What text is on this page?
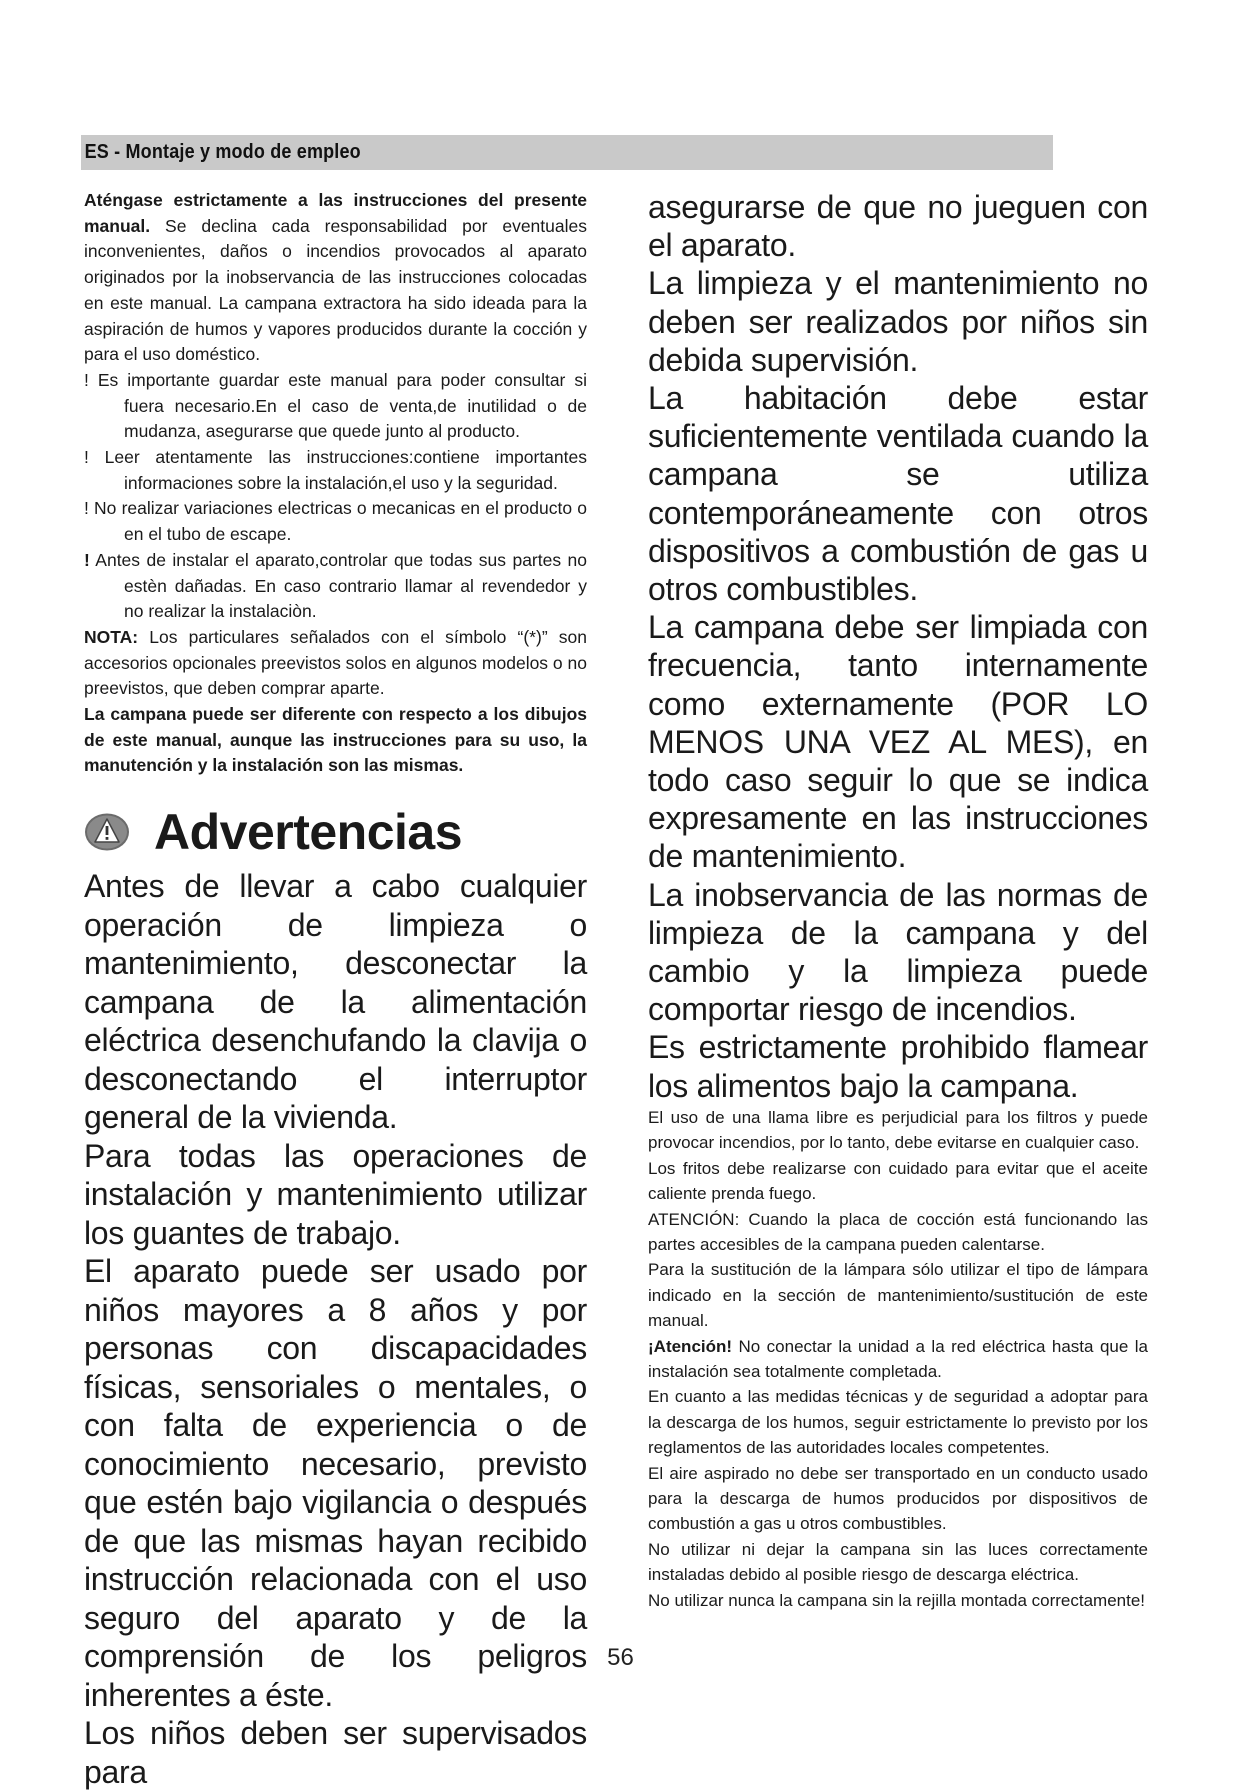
ES - Montaje y modo de empleo

Aténgase estrictamente a las instrucciones del presente manual. Se declina cada responsabilidad por eventuales inconvenientes, daños o incendios provocados al aparato originados por la inobservancia de las instrucciones colocadas en este manual. La campana extractora ha sido ideada para la aspiración de humos y vapores producidos durante la cocción y para el uso doméstico.

! Es importante guardar este manual para poder consultar si fuera necesario.En el caso de venta,de inutilidad o de mudanza, asegurarse que quede junto al producto.

! Leer atentamente las instrucciones:contiene importantes informaciones sobre la instalación,el uso y la seguridad.

! No realizar variaciones electricas o mecanicas en el producto o en el tubo de escape.

! Antes de instalar el aparato,controlar que todas sus partes no estèn dañadas. En caso contrario llamar al revendedor y no realizar la instalaciòn.

NOTA: Los particulares señalados con el símbolo “(*)” son accesorios opcionales preevistos solos en algunos modelos o no preevistos, que deben comprar aparte.

La campana puede ser diferente con respecto a los dibujos de este manual, aunque las instrucciones para su uso, la manutención y la instalación son las mismas.

Advertencias

Antes de llevar a cabo cualquier operación de limpieza o mantenimiento, desconectar la campana de la alimentación eléctrica desenchufando la clavija o desconectando el interruptor general de la vivienda.

Para todas las operaciones de instalación y mantenimiento utilizar los guantes de trabajo.

El aparato puede ser usado por niños mayores a 8 años y por personas con discapacidades físicas, sensoriales o mentales, o con falta de experiencia o de conocimiento necesario, previsto que estén bajo vigilancia o después de que las mismas hayan recibido instrucción relacionada con el uso seguro del aparato y de la comprensión de los peligros inherentes a éste.

Los niños deben ser supervisados para

asegurarse de que no jueguen con el aparato.

La limpieza y el mantenimiento no deben ser realizados por niños sin debida supervisión.

La habitación debe estar suficientemente ventilada cuando la campana se utiliza contemporáneamente con otros dispositivos a combustión de gas u otros combustibles.

La campana debe ser limpiada con frecuencia, tanto internamente como externamente (POR LO MENOS UNA VEZ AL MES), en todo caso seguir lo que se indica expresamente en las instrucciones de mantenimiento.

La inobservancia de las normas de limpieza de la campana y del cambio y la limpieza puede comportar riesgo de incendios.

Es estrictamente prohibido flamear los alimentos bajo la campana.

El uso de una llama libre es perjudicial para los filtros y puede provocar incendios, por lo tanto, debe evitarse en cualquier caso.

Los fritos debe realizarse con cuidado para evitar que el aceite caliente prenda fuego.

ATENCIÓN: Cuando la placa de cocción está funcionando las partes accesibles de la campana pueden calentarse.

Para la sustitución de la lámpara sólo utilizar el tipo de lámpara indicado en la sección de mantenimiento/sustitución de este manual.

¡Atención! No conectar la unidad a la red eléctrica hasta que la instalación sea totalmente completada.

En cuanto a las medidas técnicas y de seguridad a adoptar para la descarga de los humos, seguir estrictamente lo previsto por los reglamentos de las autoridades locales competentes.

El aire aspirado no debe ser transportado en un conducto usado para la descarga de humos producidos por dispositivos de combustión a gas u otros combustibles.

No utilizar ni dejar la campana sin las luces correctamente instaladas debido al posible riesgo de descarga eléctrica.

No utilizar nunca la campana sin la rejilla montada correctamente!

56
